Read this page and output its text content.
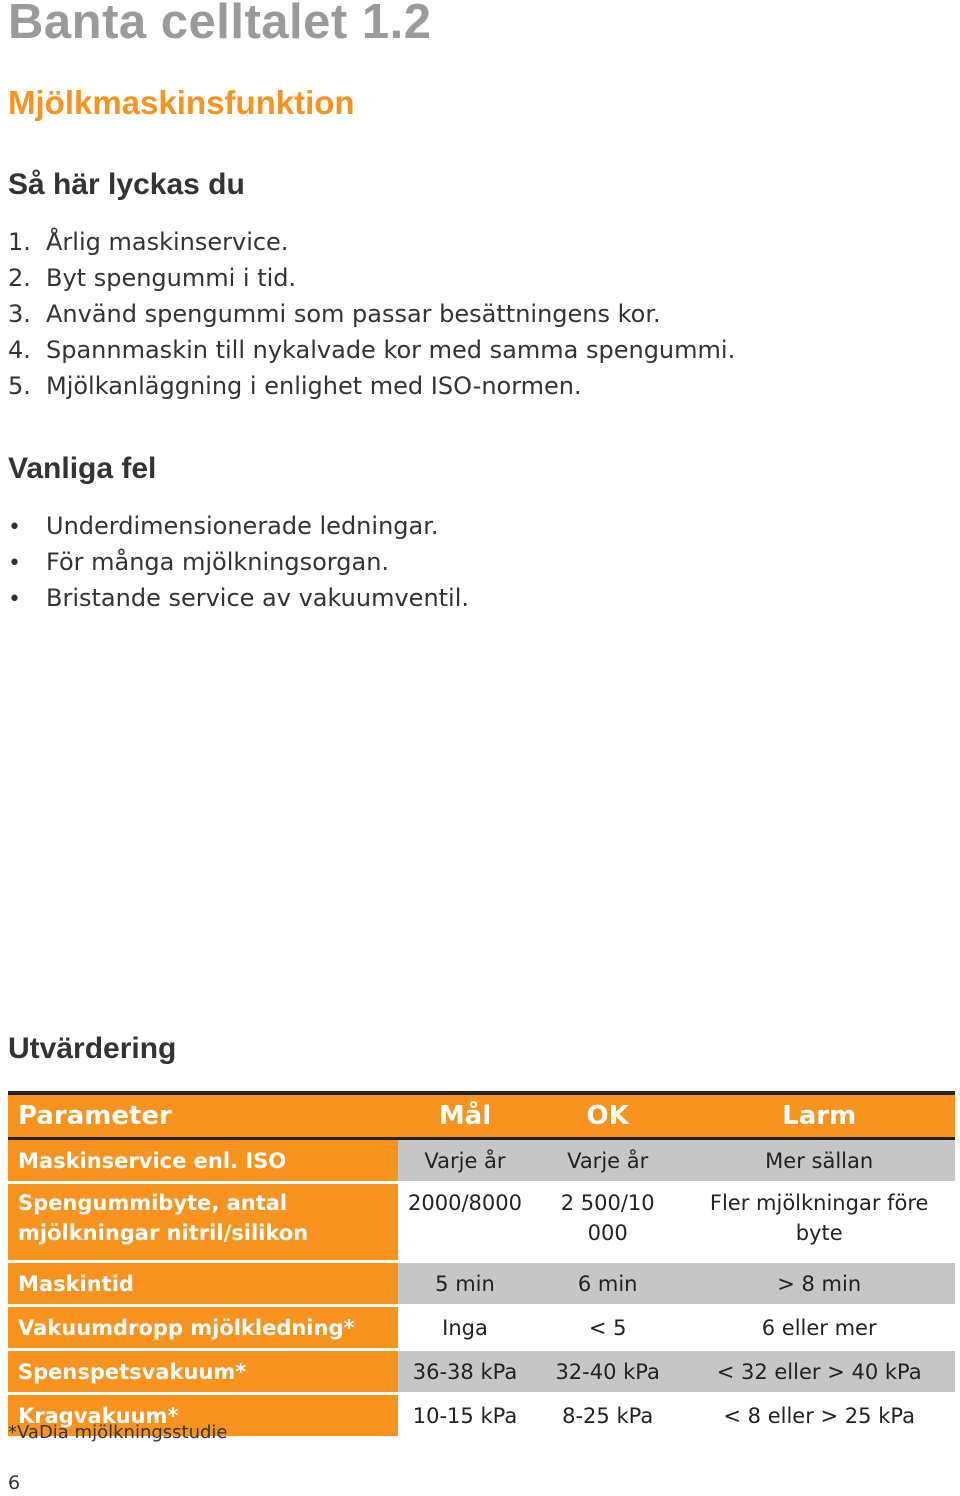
Banta celltalet 1.2
Mjölkmaskinsfunktion
Så här lyckas du
1. Årlig maskinservice.
2. Byt spengummi i tid.
3. Använd spengummi som passar besättningens kor.
4. Spannmaskin till nykalvade kor med samma spengummi.
5. Mjölkanläggning i enlighet med ISO-normen.
Vanliga fel
• Underdimensionerade ledningar.
• För många mjölkningsorgan.
• Bristande service av vakuumventil.
Utvärdering
Parameter	Mål	OK	Larm
Maskinservice enl. ISO	Varje år	Varje år	Mer sällan
Spengummibyte, antal mjölkningar nitril/silikon	2000/8000	2 500/10 000	Fler mjölkningar före byte
Maskintid	5 min	6 min	> 8 min
Vakuumdropp mjölkledning*	Inga	< 5	6 eller mer
Spenspetsvakuum*	36-38 kPa	32-40 kPa	< 32 eller > 40 kPa
Kragvakuum*	10-15 kPa	8-25 kPa	< 8 eller > 25 kPa

*VaDia mjölkningsstudie

6
